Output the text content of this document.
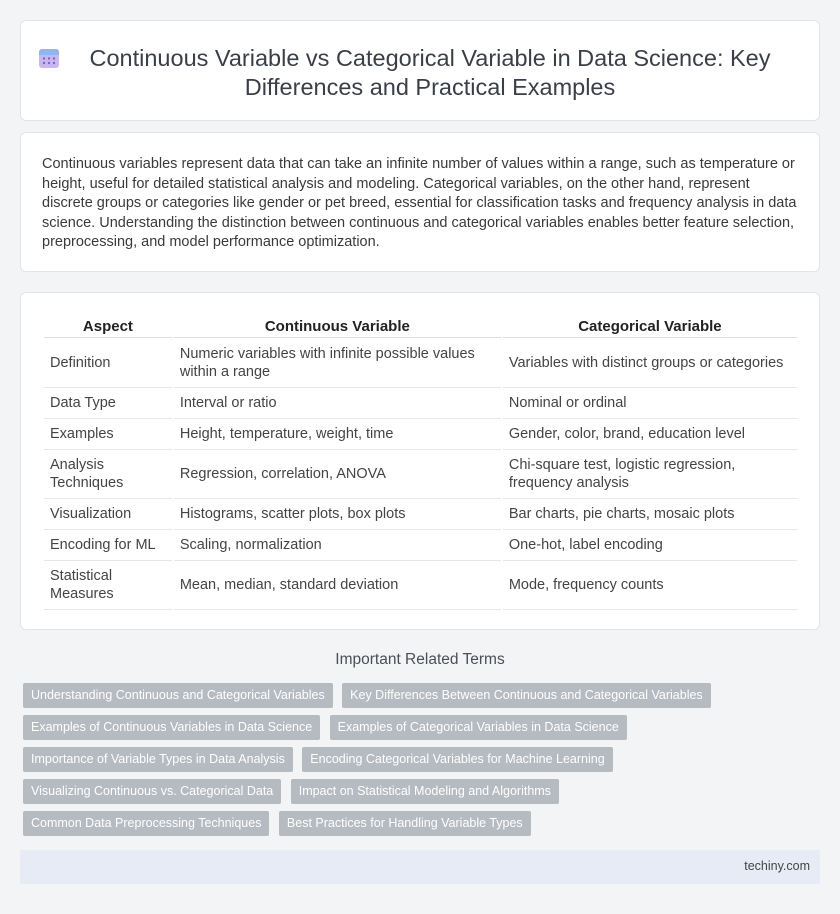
Continuous Variable vs Categorical Variable in Data Science: Key Differences and Practical Examples

Continuous variables represent data that can take an infinite number of values within a range, such as temperature or height, useful for detailed statistical analysis and modeling. Categorical variables, on the other hand, represent discrete groups or categories like gender or pet breed, essential for classification tasks and frequency analysis in data science. Understanding the distinction between continuous and categorical variables enables better feature selection, preprocessing, and model performance optimization.

Aspect	Continuous Variable	Categorical Variable
Definition	Numeric variables with infinite possible values within a range	Variables with distinct groups or categories
Data Type	Interval or ratio	Nominal or ordinal
Examples	Height, temperature, weight, time	Gender, color, brand, education level
Analysis Techniques	Regression, correlation, ANOVA	Chi-square test, logistic regression, frequency analysis
Visualization	Histograms, scatter plots, box plots	Bar charts, pie charts, mosaic plots
Encoding for ML	Scaling, normalization	One-hot, label encoding
Statistical Measures	Mean, median, standard deviation	Mode, frequency counts
Important Related Terms
Understanding Continuous and Categorical Variables Key Differences Between Continuous and Categorical Variables Examples of Continuous Variables in Data Science Examples of Categorical Variables in Data Science Importance of Variable Types in Data Analysis Encoding Categorical Variables for Machine Learning Visualizing Continuous vs. Categorical Data Impact on Statistical Modeling and Algorithms Common Data Preprocessing Techniques Best Practices for Handling Variable Types
techiny.com
